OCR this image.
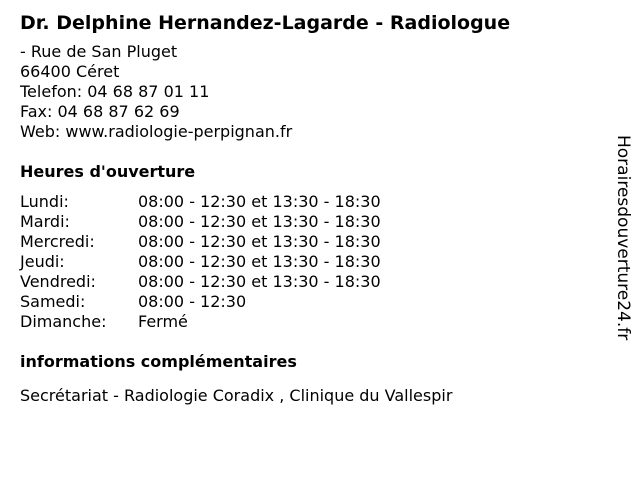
Dr. Delphine Hernandez-Lagarde - Radiologue
- Rue de San Pluget
66400 Céret
Telefon: 04 68 87 01 11
Fax: 04 68 87 62 69
Web: www.radiologie-perpignan.fr
Heures d'ouverture
Lundi:	08:00 - 12:30 et 13:30 - 18:30
Mardi:	08:00 - 12:30 et 13:30 - 18:30
Mercredi:	08:00 - 12:30 et 13:30 - 18:30
Jeudi:	08:00 - 12:30 et 13:30 - 18:30
Vendredi:	08:00 - 12:30 et 13:30 - 18:30
Samedi:	08:00 - 12:30
Dimanche:	Fermé
informations complémentaires
Secrétariat - Radiologie Coradix , Clinique du Vallespir
Horairesdouverture24.fr
